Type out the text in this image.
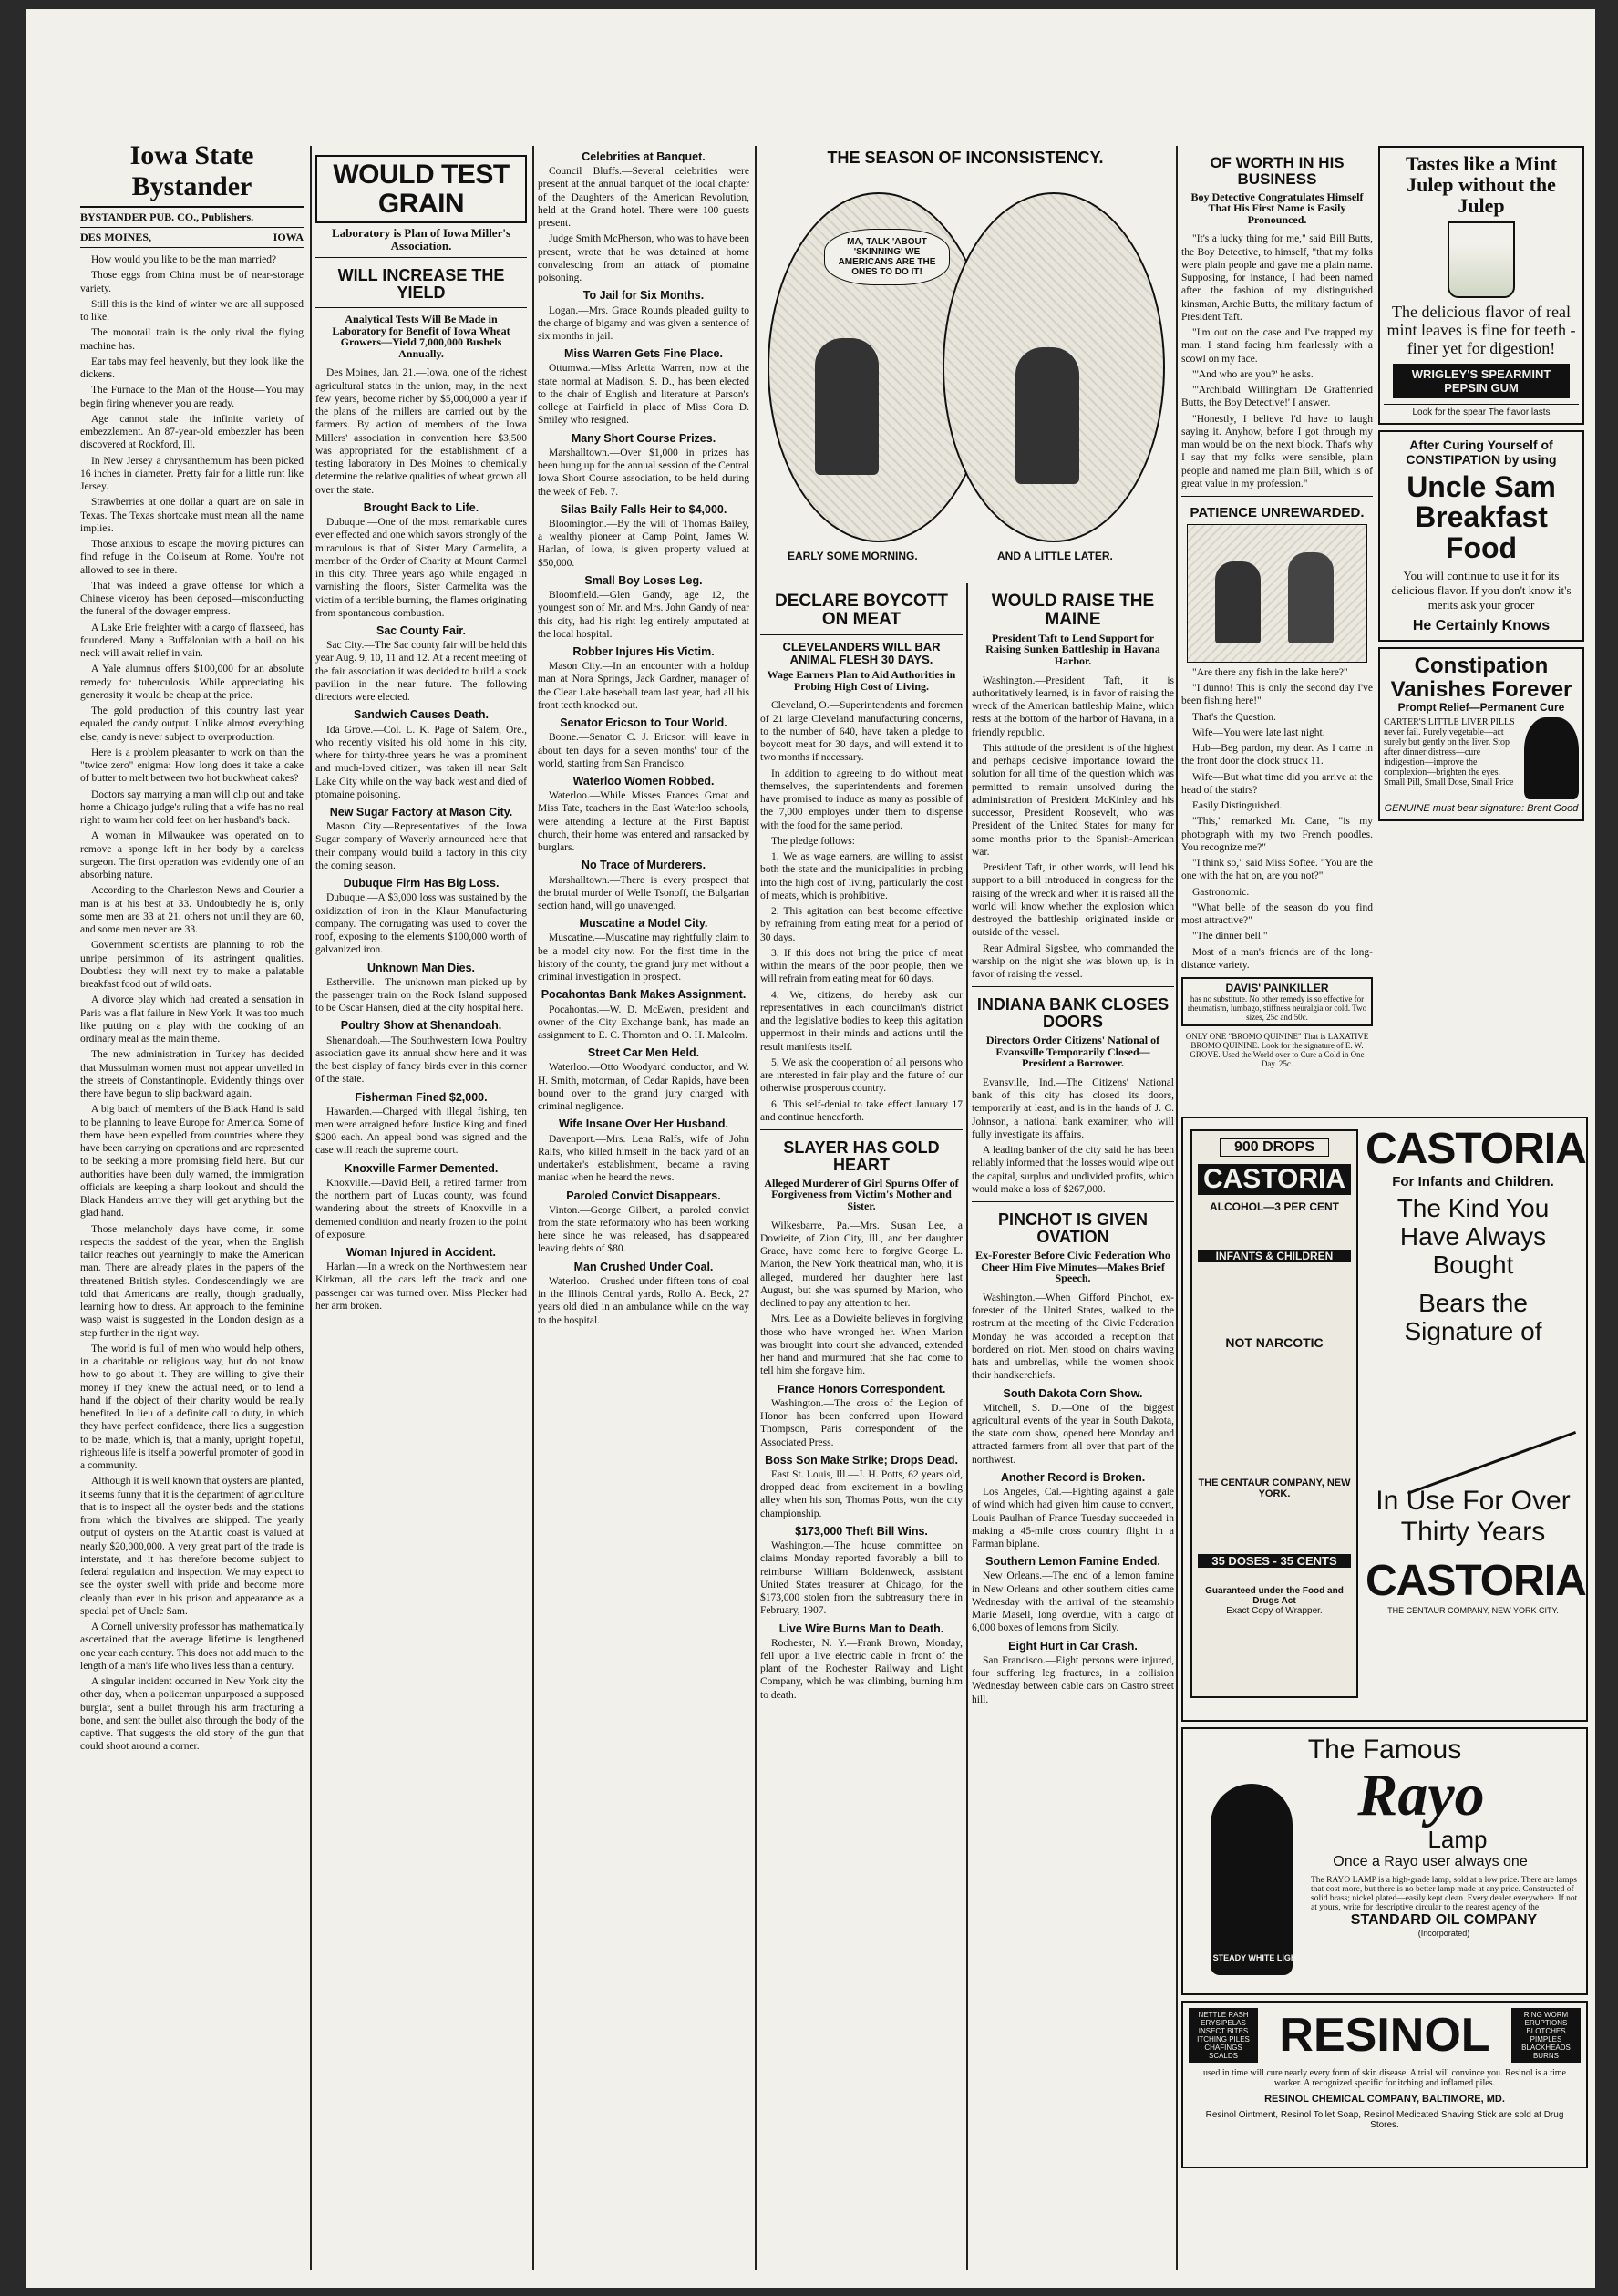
Iowa State Bystander
BYSTANDER PUB. CO., Publishers.
DES MOINES,	IOWA

How would you like to be the man married?

Those eggs from China must be of near-storage variety.

Still this is the kind of winter we are all supposed to like.

The monorail train is the only rival the flying machine has.

Ear tabs may feel heavenly, but they look like the dickens.

The Furnace to the Man of the House—You may begin firing whenever you are ready.

Age cannot stale the infinite variety of embezzlement. An 87-year-old embezzler has been discovered at Rockford, Ill.

In New Jersey a chrysanthemum has been picked 16 inches in diameter. Pretty fair for a little runt like Jersey.

Strawberries at one dollar a quart are on sale in Texas. The Texas shortcake must mean all the name implies.

Those anxious to escape the moving pictures can find refuge in the Coliseum at Rome. You're not allowed to see in there.

That was indeed a grave offense for which a Chinese viceroy has been deposed—misconducting the funeral of the dowager empress.

A Lake Erie freighter with a cargo of flaxseed, has foundered. Many a Buffalonian with a boil on his neck will await relief in vain.

A Yale alumnus offers $100,000 for an absolute remedy for tuberculosis. While appreciating his generosity it would be cheap at the price.

The gold production of this country last year equaled the candy output. Unlike almost everything else, candy is never subject to overproduction.

Here is a problem pleasanter to work on than the "twice zero" enigma: How long does it take a cake of butter to melt between two hot buckwheat cakes?

Doctors say marrying a man will clip out and take home a Chicago judge's ruling that a wife has no real right to warm her cold feet on her husband's back.

A woman in Milwaukee was operated on to remove a sponge left in her body by a careless surgeon. The first operation was evidently one of an absorbing nature.

According to the Charleston News and Courier a man is at his best at 33. Undoubtedly he is, only some men are 33 at 21, others not until they are 60, and some men never are 33.

Government scientists are planning to rob the unripe persimmon of its astringent qualities. Doubtless they will next try to make a palatable breakfast food out of wild oats.

A divorce play which had created a sensation in Paris was a flat failure in New York. It was too much like putting on a play with the cooking of an ordinary meal as the main theme.

The new administration in Turkey has decided that Mussulman women must not appear unveiled in the streets of Constantinople. Evidently things over there have begun to slip backward again.

A big batch of members of the Black Hand is said to be planning to leave Europe for America. Some of them have been expelled from countries where they have been carrying on operations and are represented to be seeking a more promising field here. But our authorities have been duly warned, the immigration officials are keeping a sharp lookout and should the Black Handers arrive they will get anything but the glad hand.

Those melancholy days have come, in some respects the saddest of the year, when the English tailor reaches out yearningly to make the American man. There are already plates in the papers of the threatened British styles. Condescendingly we are told that Americans are really, though gradually, learning how to dress. An approach to the feminine wasp waist is suggested in the London design as a step further in the right way.

The world is full of men who would help others, in a charitable or religious way, but do not know how to go about it. They are willing to give their money if they knew the actual need, or to lend a hand if the object of their charity would be really benefited. In lieu of a definite call to duty, in which they have perfect confidence, there lies a suggestion to be made, which is, that a manly, upright hopeful, righteous life is itself a powerful promoter of good in a community.

Although it is well known that oysters are planted, it seems funny that it is the department of agriculture that is to inspect all the oyster beds and the stations from which the bivalves are shipped. The yearly output of oysters on the Atlantic coast is valued at nearly $20,000,000. A very great part of the trade is interstate, and it has therefore become subject to federal regulation and inspection. We may expect to see the oyster swell with pride and become more cleanly than ever in his prison and appearance as a special pet of Uncle Sam.

A Cornell university professor has mathematically ascertained that the average lifetime is lengthened one year each century. This does not add much to the length of a man's life who lives less than a century.

A singular incident occurred in New York city the other day, when a policeman unpurposed a supposed burglar, sent a bullet through his arm fracturing a bone, and sent the bullet also through the body of the captive. That suggests the old story of the gun that could shoot around a corner.

WOULD TEST GRAIN
Laboratory is Plan of Iowa Miller's Association.
WILL INCREASE THE YIELD
Analytical Tests Will Be Made in Laboratory for Benefit of Iowa Wheat Growers—Yield 7,000,000 Bushels Annually.

Des Moines, Jan. 21.—Iowa, one of the richest agricultural states in the union, may, in the next few years, become richer by $5,000,000 a year if the plans of the millers are carried out by the farmers. By action of members of the Iowa Millers' association in convention here $3,500 was appropriated for the establishment of a testing laboratory in Des Moines to chemically determine the relative qualities of wheat grown all over the state.

Brought Back to Life.

Dubuque.—One of the most remarkable cures ever effected and one which savors strongly of the miraculous is that of Sister Mary Carmelita, a member of the Order of Charity at Mount Carmel in this city. Three years ago while engaged in varnishing the floors, Sister Carmelita was the victim of a terrible burning, the flames originating from spontaneous combustion.

Sac County Fair.

Sac City.—The Sac county fair will be held this year Aug. 9, 10, 11 and 12. At a recent meeting of the fair association it was decided to build a stock pavilion in the near future. The following directors were elected.

Sandwich Causes Death.

Ida Grove.—Col. L. K. Page of Salem, Ore., who recently visited his old home in this city, where for thirty-three years he was a prominent and much-loved citizen, was taken ill near Salt Lake City while on the way back west and died of ptomaine poisoning.

New Sugar Factory at Mason City.

Mason City.—Representatives of the Iowa Sugar company of Waverly announced here that their company would build a factory in this city the coming season.

Dubuque Firm Has Big Loss.

Dubuque.—A $3,000 loss was sustained by the oxidization of iron in the Klaur Manufacturing company. The corrugating was used to cover the roof, exposing to the elements $100,000 worth of galvanized iron.

Unknown Man Dies.

Estherville.—The unknown man picked up by the passenger train on the Rock Island supposed to be Oscar Hansen, died at the city hospital here.

Poultry Show at Shenandoah.

Shenandoah.—The Southwestern Iowa Poultry association gave its annual show here and it was the best display of fancy birds ever in this corner of the state.

Fisherman Fined $2,000.

Hawarden.—Charged with illegal fishing, ten men were arraigned before Justice King and fined $200 each. An appeal bond was signed and the case will reach the supreme court.

Knoxville Farmer Demented.

Knoxville.—David Bell, a retired farmer from the northern part of Lucas county, was found wandering about the streets of Knoxville in a demented condition and nearly frozen to the point of exposure.

Woman Injured in Accident.

Harlan.—In a wreck on the Northwestern near Kirkman, all the cars left the track and one passenger car was turned over. Miss Plecker had her arm broken.

Celebrities at Banquet.

Council Bluffs.—Several celebrities were present at the annual banquet of the local chapter of the Daughters of the American Revolution, held at the Grand hotel. There were 100 guests present.

Judge Smith McPherson, who was to have been present, wrote that he was detained at home convalescing from an attack of ptomaine poisoning.

To Jail for Six Months.

Logan.—Mrs. Grace Rounds pleaded guilty to the charge of bigamy and was given a sentence of six months in jail.

Miss Warren Gets Fine Place.

Ottumwa.—Miss Arletta Warren, now at the state normal at Madison, S. D., has been elected to the chair of English and literature at Parson's college at Fairfield in place of Miss Cora D. Smiley who resigned.

Many Short Course Prizes.

Marshalltown.—Over $1,000 in prizes has been hung up for the annual session of the Central Iowa Short Course association, to be held during the week of Feb. 7.

Silas Baily Falls Heir to $4,000.

Bloomington.—By the will of Thomas Bailey, a wealthy pioneer at Camp Point, James W. Harlan, of Iowa, is given property valued at $50,000.

Small Boy Loses Leg.

Bloomfield.—Glen Gandy, age 12, the youngest son of Mr. and Mrs. John Gandy of near this city, had his right leg entirely amputated at the local hospital.

Robber Injures His Victim.

Mason City.—In an encounter with a holdup man at Nora Springs, Jack Gardner, manager of the Clear Lake baseball team last year, had all his front teeth knocked out.

Senator Ericson to Tour World.

Boone.—Senator C. J. Ericson will leave in about ten days for a seven months' tour of the world, starting from San Francisco.

Waterloo Women Robbed.

Waterloo.—While Misses Frances Groat and Miss Tate, teachers in the East Waterloo schools, were attending a lecture at the First Baptist church, their home was entered and ransacked by burglars.

No Trace of Murderers.

Marshalltown.—There is every prospect that the brutal murder of Welle Tsonoff, the Bulgarian section hand, will go unavenged.

Muscatine a Model City.

Muscatine.—Muscatine may rightfully claim to be a model city now. For the first time in the history of the county, the grand jury met without a criminal investigation in prospect.

Pocahontas Bank Makes Assignment.

Pocahontas.—W. D. McEwen, president and owner of the City Exchange bank, has made an assignment to E. C. Thornton and O. H. Malcolm.

Street Car Men Held.

Waterloo.—Otto Woodyard conductor, and W. H. Smith, motorman, of Cedar Rapids, have been bound over to the grand jury charged with criminal negligence.

Wife Insane Over Her Husband.

Davenport.—Mrs. Lena Ralfs, wife of John Ralfs, who killed himself in the back yard of an undertaker's establishment, became a raving maniac when he heard the news.

Paroled Convict Disappears.

Vinton.—George Gilbert, a paroled convict from the state reformatory who has been working here since he was released, has disappeared leaving debts of $80.

Man Crushed Under Coal.

Waterloo.—Crushed under fifteen tons of coal in the Illinois Central yards, Rollo A. Beck, 27 years old died in an ambulance while on the way to the hospital.

THE SEASON OF INCONSISTENCY.
MA, TALK 'ABOUT 'SKINNING' WE AMERICANS ARE THE ONES TO DO IT!
EARLY SOME MORNING.	AND A LITTLE LATER.
DECLARE BOYCOTT ON MEAT
CLEVELANDERS WILL BAR ANIMAL FLESH 30 DAYS.
Wage Earners Plan to Aid Authorities in Probing High Cost of Living.

Cleveland, O.—Superintendents and foremen of 21 large Cleveland manufacturing concerns, to the number of 640, have taken a pledge to boycott meat for 30 days, and will extend it to two months if necessary.

In addition to agreeing to do without meat themselves, the superintendents and foremen have promised to induce as many as possible of the 7,000 employes under them to dispense with the food for the same period.

The pledge follows:

1. We as wage earners, are willing to assist both the state and the municipalities in probing into the high cost of living, particularly the cost of meats, which is prohibitive.

2. This agitation can best become effective by refraining from eating meat for a period of 30 days.

3. If this does not bring the price of meat within the means of the poor people, then we will refrain from eating meat for 60 days.

4. We, citizens, do hereby ask our representatives in each councilman's district and the legislative bodies to keep this agitation uppermost in their minds and actions until the result manifests itself.

5. We ask the cooperation of all persons who are interested in fair play and the future of our otherwise prosperous country.

6. This self-denial to take effect January 17 and continue henceforth.

SLAYER HAS GOLD HEART
Alleged Murderer of Girl Spurns Offer of Forgiveness from Victim's Mother and Sister.

Wilkesbarre, Pa.—Mrs. Susan Lee, a Dowieite, of Zion City, Ill., and her daughter Grace, have come here to forgive George L. Marion, the New York theatrical man, who, it is alleged, murdered her daughter here last August, but she was spurned by Marion, who declined to pay any attention to her.

Mrs. Lee as a Dowieite believes in forgiving those who have wronged her. When Marion was brought into court she advanced, extended her hand and murmured that she had come to tell him she forgave him.

France Honors Correspondent.

Washington.—The cross of the Legion of Honor has been conferred upon Howard Thompson, Paris correspondent of the Associated Press.

Boss Son Make Strike; Drops Dead.

East St. Louis, Ill.—J. H. Potts, 62 years old, dropped dead from excitement in a bowling alley when his son, Thomas Potts, won the city championship.

$173,000 Theft Bill Wins.

Washington.—The house committee on claims Monday reported favorably a bill to reimburse William Boldenweck, assistant United States treasurer at Chicago, for the $173,000 stolen from the subtreasury there in February, 1907.

Live Wire Burns Man to Death.

Rochester, N. Y.—Frank Brown, Monday, fell upon a live electric cable in front of the plant of the Rochester Railway and Light Company, which he was climbing, burning him to death.

WOULD RAISE THE MAINE
President Taft to Lend Support for Raising Sunken Battleship in Havana Harbor.

Washington.—President Taft, it is authoritatively learned, is in favor of raising the wreck of the American battleship Maine, which rests at the bottom of the harbor of Havana, in a friendly republic.

This attitude of the president is of the highest and perhaps decisive importance toward the solution for all time of the question which was permitted to remain unsolved during the administration of President McKinley and his successor, President Roosevelt, who was President of the United States for many for some months prior to the Spanish-American war.

President Taft, in other words, will lend his support to a bill introduced in congress for the raising of the wreck and when it is raised all the world will know whether the explosion which destroyed the battleship originated inside or outside of the vessel.

Rear Admiral Sigsbee, who commanded the warship on the night she was blown up, is in favor of raising the vessel.

INDIANA BANK CLOSES DOORS
Directors Order Citizens' National of Evansville Temporarily Closed—President a Borrower.

Evansville, Ind.—The Citizens' National bank of this city has closed its doors, temporarily at least, and is in the hands of J. C. Johnson, a national bank examiner, who will fully investigate its affairs.

A leading banker of the city said he has been reliably informed that the losses would wipe out the capital, surplus and undivided profits, which would make a loss of $267,000.

PINCHOT IS GIVEN OVATION
Ex-Forester Before Civic Federation Who Cheer Him Five Minutes—Makes Brief Speech.

Washington.—When Gifford Pinchot, ex-forester of the United States, walked to the rostrum at the meeting of the Civic Federation Monday he was accorded a reception that bordered on riot. Men stood on chairs waving hats and umbrellas, while the women shook their handkerchiefs.

South Dakota Corn Show.

Mitchell, S. D.—One of the biggest agricultural events of the year in South Dakota, the state corn show, opened here Monday and attracted farmers from all over that part of the northwest.

Another Record is Broken.

Los Angeles, Cal.—Fighting against a gale of wind which had given him cause to convert, Louis Paulhan of France Tuesday succeeded in making a 45-mile cross country flight in a Farman biplane.

Southern Lemon Famine Ended.

New Orleans.—The end of a lemon famine in New Orleans and other southern cities came Wednesday with the arrival of the steamship Marie Masell, long overdue, with a cargo of 6,000 boxes of lemons from Sicily.

Eight Hurt in Car Crash.

San Francisco.—Eight persons were injured, four suffering leg fractures, in a collision Wednesday between cable cars on Castro street hill.

OF WORTH IN HIS BUSINESS
Boy Detective Congratulates Himself That His First Name is Easily Pronounced.

"It's a lucky thing for me," said Bill Butts, the Boy Detective, to himself, "that my folks were plain people and gave me a plain name. Supposing, for instance, I had been named after the fashion of my distinguished kinsman, Archie Butts, the military factum of President Taft.

"I'm out on the case and I've trapped my man. I stand facing him fearlessly with a scowl on my face.

"'And who are you?' he asks.

"'Archibald Willingham De Graffenried Butts, the Boy Detective!' I answer.

"Honestly, I believe I'd have to laugh saying it. Anyhow, before I got through my man would be on the next block. That's why I say that my folks were sensible, plain people and named me plain Bill, which is of great value in my profession."

PATIENCE UNREWARDED.

"Are there any fish in the lake here?"

"I dunno! This is only the second day I've been fishing here!"

That's the Question.

Wife—You were late last night.

Hub—Beg pardon, my dear. As I came in the front door the clock struck 11.

Wife—But what time did you arrive at the head of the stairs?

Easily Distinguished.

"This," remarked Mr. Cane, "is my photograph with my two French poodles. You recognize me?"

"I think so," said Miss Softee. "You are the one with the hat on, are you not?"

Gastronomic.

"What belle of the season do you find most attractive?"

"The dinner bell."

Most of a man's friends are of the long-distance variety.

DAVIS' PAINKILLER
has no substitute. No other remedy is so effective for rheumatism, lumbago, stiffness neuralgia or cold. Two sizes, 25c and 50c.
ONLY ONE "BROMO QUININE" That is LAXATIVE BROMO QUININE. Look for the signature of E. W. GROVE. Used the World over to Cure a Cold in One Day. 25c.
Tastes like a Mint Julep without the Julep
The delicious flavor of real mint leaves is fine for teeth - finer yet for digestion!
WRIGLEY'S SPEARMINT PEPSIN GUM
Look for the spear The flavor lasts
After Curing Yourself of CONSTIPATION by using
Uncle Sam Breakfast Food
You will continue to use it for its delicious flavor. If you don't know it's merits ask your grocer
He Certainly Knows
Constipation Vanishes Forever
Prompt Relief—Permanent Cure
CARTER'S LITTLE LIVER PILLS never fail. Purely vegetable—act surely but gently on the liver. Stop after dinner distress—cure indigestion—improve the complexion—brighten the eyes. Small Pill, Small Dose, Small Price
GENUINE must bear signature: Brent Good
900 DROPS
CASTORIA
ALCOHOL—3 PER CENT
INFANTS & CHILDREN
NOT NARCOTIC
THE CENTAUR COMPANY, NEW YORK.
35 DOSES - 35 CENTS
Guaranteed under the Food and Drugs Act
Exact Copy of Wrapper.
CASTORIA
For Infants and Children.
The Kind You Have Always Bought
Bears the Signature of
In Use For Over Thirty Years
CASTORIA
THE CENTAUR COMPANY, NEW YORK CITY.
The Famous
Rayo
Lamp
Once a Rayo user always one
THE STEADY WHITE LIGHT
The RAYO LAMP is a high-grade lamp, sold at a low price. There are lamps that cost more, but there is no better lamp made at any price. Constructed of solid brass; nickel plated—easily kept clean. Every dealer everywhere. If not at yours, write for descriptive circular to the nearest agency of the
STANDARD OIL COMPANY
(Incorporated)
NETTLE RASH ERYSIPELAS INSECT BITES ITCHING PILES CHAFINGS SCALDS RESINOL	RING WORM ERUPTIONS BLOTCHES PIMPLES BLACKHEADS BURNS
used in time will cure nearly every form of skin disease. A trial will convince you. Resinol is a time worker. A recognized specific for itching and inflamed piles.
RESINOL CHEMICAL COMPANY, BALTIMORE, MD.
Resinol Ointment, Resinol Toilet Soap, Resinol Medicated Shaving Stick are sold at Drug Stores.
